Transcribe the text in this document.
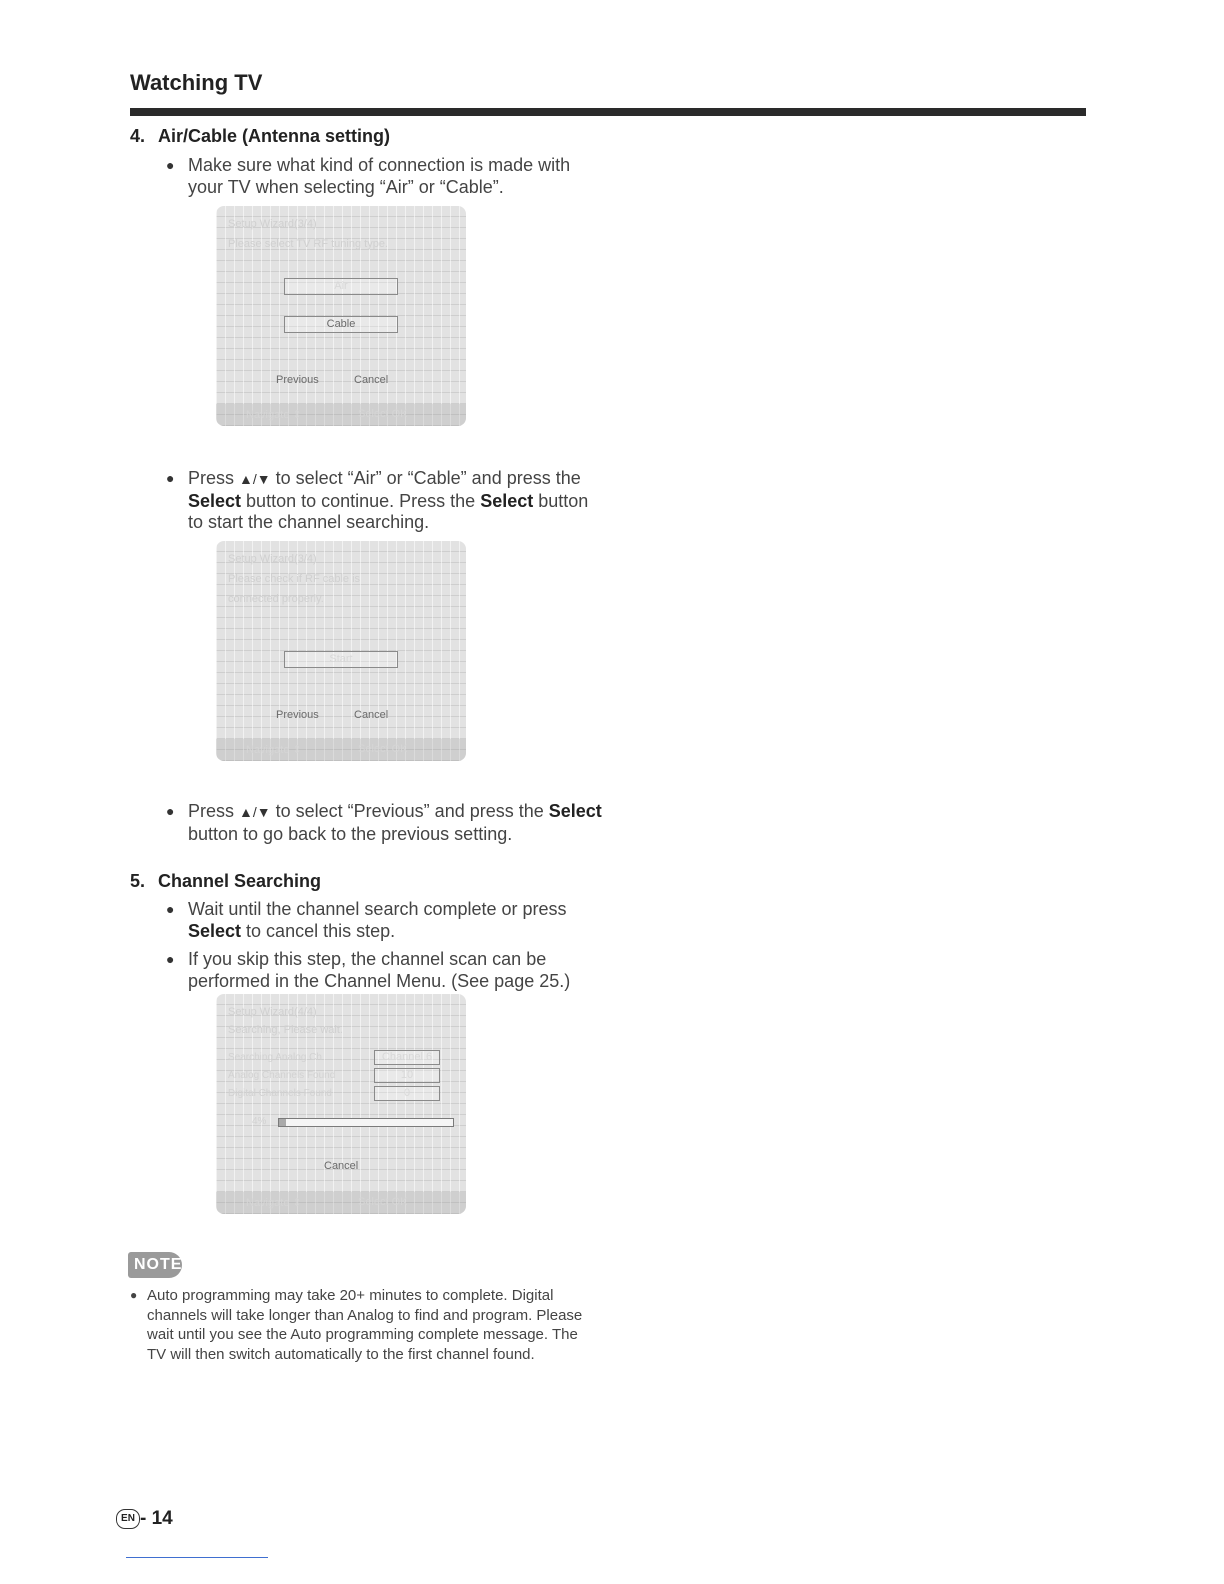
Watching TV
4. Air/Cable (Antenna setting)

● Make sure what kind of connection is made with your TV when selecting “Air” or “Cable”.

Setup Wizard(3/4)
Please select TV RF tuning type.
Air
Cable
Previous	Cancel
Navigate ⇕	Select OK

● Press ▲/▼ to select “Air” or “Cable” and press the Select button to continue. Press the Select button to start the channel searching.

Setup Wizard(3/4)
Please check if RF cable is
connected properly.
Start
Previous	Cancel
Navigate ⇕	Select OK

● Press ▲/▼ to select “Previous” and press the Select button to go back to the previous setting.

5. Channel Searching

● Wait until the channel search complete or press Select to cancel this step.

● If you skip this step, the channel scan can be performed in the Channel Menu. (See page 25.)

Setup Wizard(4/4)
Searching, Please wait.
Searching Analog Ch	Channel 6
Analog Channels Found	10
Digital Channels Found	0
4%
Cancel
Navigate ⇕	Select OK
NOTE

● Auto programming may take 20+ minutes to complete. Digital channels will take longer than Analog to find and program. Please wait until you see the Auto programming complete message. The TV will then switch automatically to the first channel found.

EN - 14
